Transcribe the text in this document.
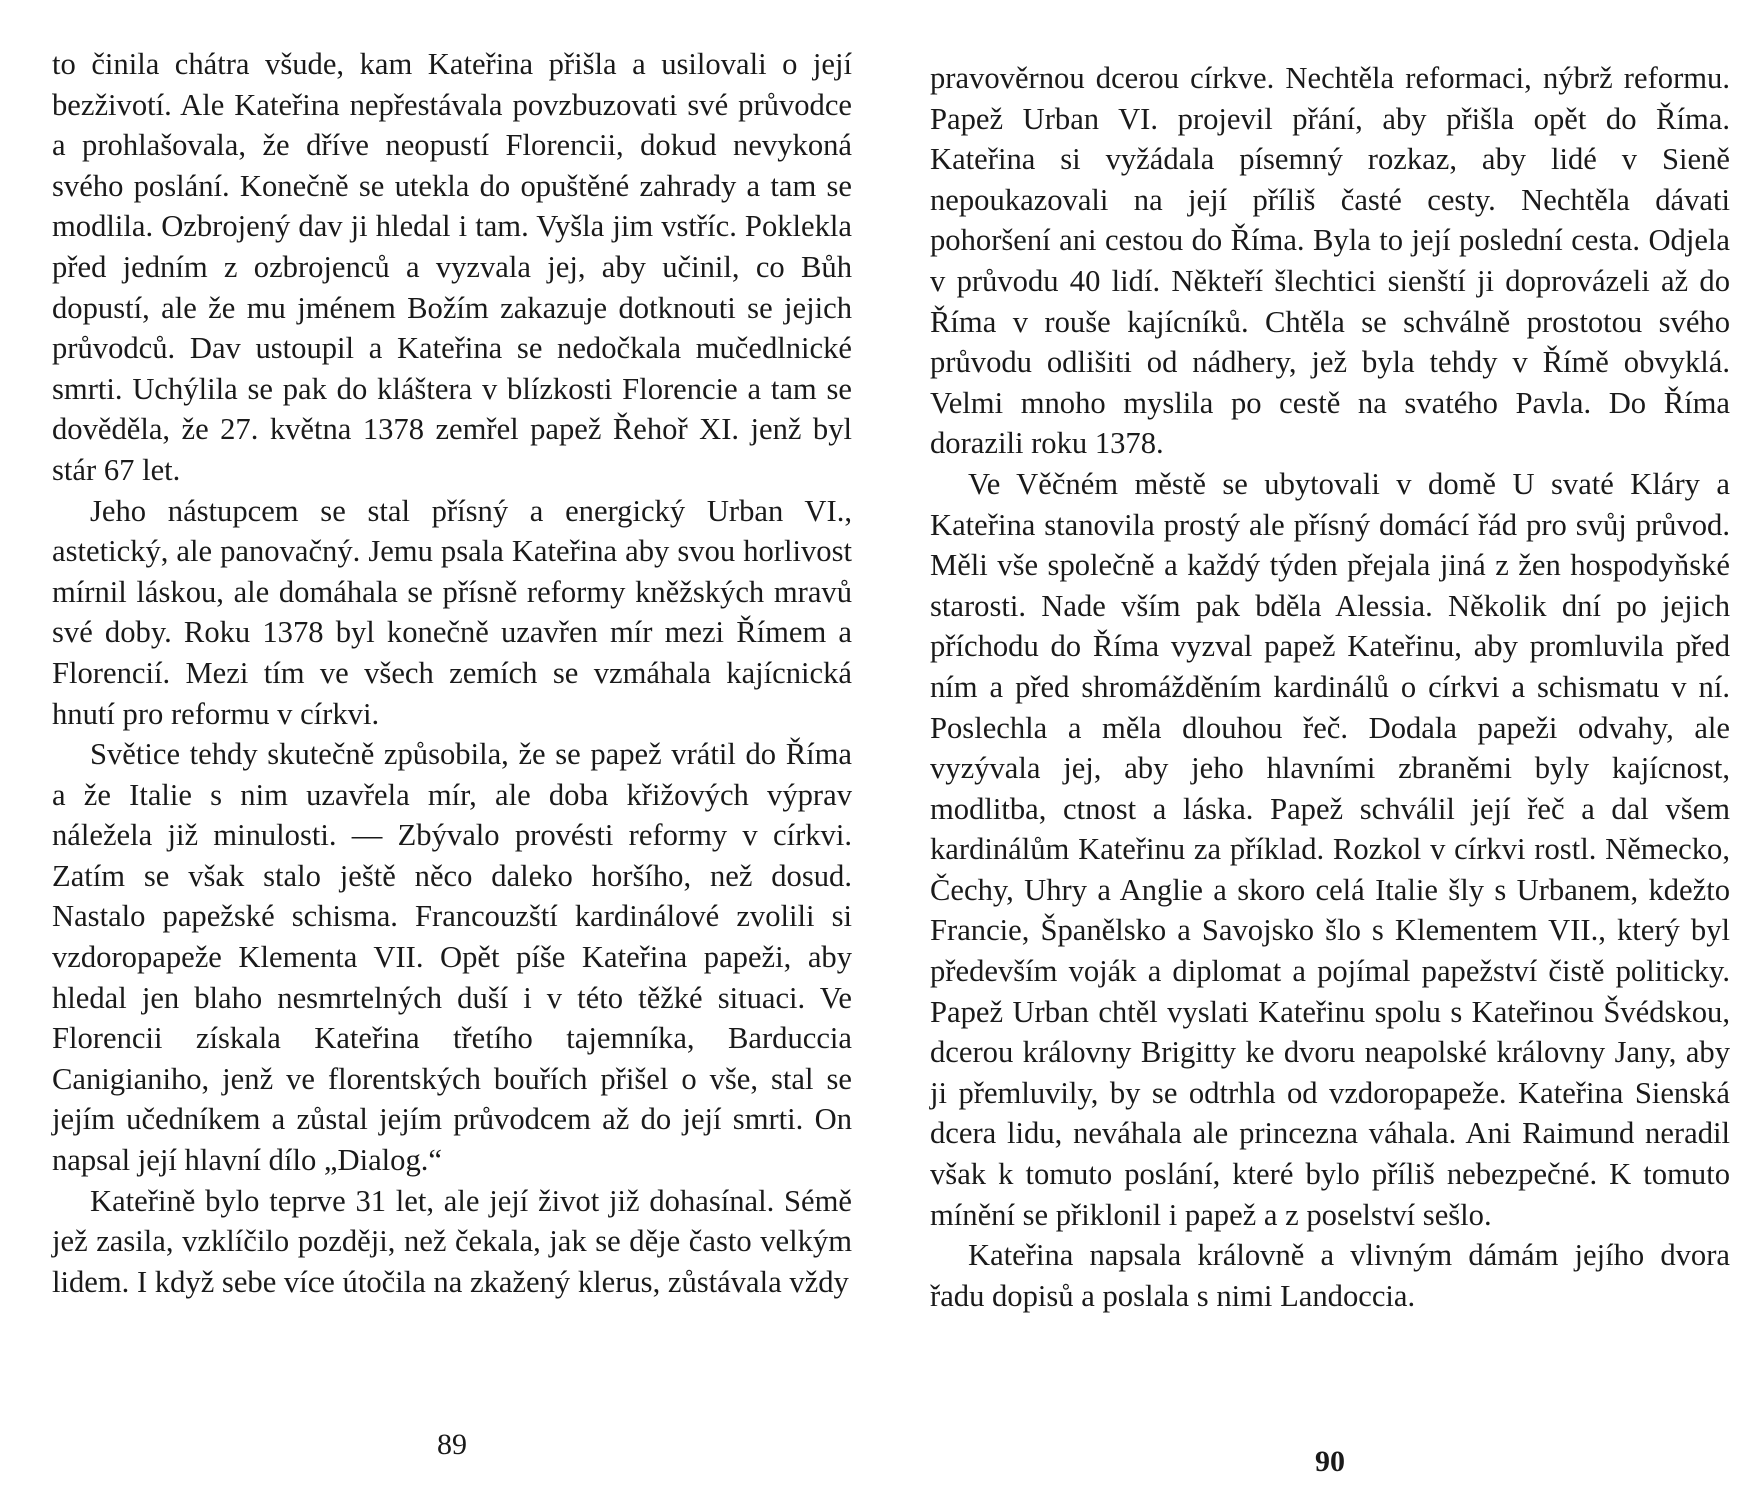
to činila chátra všude, kam Kateřina přišla a usilovali o její bezživotí. Ale Kateřina nepřestávala povzbuzovati své průvodce a prohlašovala, že dříve neopustí Florencii, dokud nevykoná svého poslání. Konečně se utekla do opuštěné zahrady a tam se modlila. Ozbrojený dav ji hledal i tam. Vyšla jim vstříc. Poklekla před jedním z ozbrojenců a vyzvala jej, aby učinil, co Bůh dopustí, ale že mu jménem Božím zakazuje dotknouti se jejich průvodců. Dav ustoupil a Kateřina se nedočkala mučedlnické smrti. Uchýlila se pak do kláštera v blízkosti Florencie a tam se dověděla, že 27. května 1378 zemřel papež Řehoř XI. jenž byl stár 67 let.

Jeho nástupcem se stal přísný a energický Urban VI., astetický, ale panovačný. Jemu psala Kateřina aby svou horlivost mírnil láskou, ale domáhala se přísně reformy kněžských mravů své doby. Roku 1378 byl konečně uzavřen mír mezi Římem a Florencií. Mezi tím ve všech zemích se vzmáhala kajícnická hnutí pro reformu v církvi.

Světice tehdy skutečně způsobila, že se papež vrátil do Říma a že Italie s nim uzavřela mír, ale doba křižových výprav náležela již minulosti. — Zbývalo provésti reformy v církvi. Zatím se však stalo ještě něco daleko horšího, než dosud. Nastalo papežské schisma. Francouzští kardinálové zvolili si vzdoropapeže Klementa VII. Opět píše Kateřina papeži, aby hledal jen blaho nesmrtelných duší i v této těžké situaci. Ve Florencii získala Kateřina třetího tajemníka, Barduccia Canigianiho, jenž ve florentských bouřích přišel o vše, stal se jejím učedníkem a zůstal jejím průvodcem až do její smrti. On napsal její hlavní dílo „Dialog.“

Kateřině bylo teprve 31 let, ale její život již dohasínal. Sémě jež zasila, vzklíčilo později, než čekala, jak se děje často velkým lidem. I když sebe více útočila na zkažený klerus, zůstávala vždy

89

pravověrnou dcerou církve. Nechtěla reformaci, nýbrž reformu. Papež Urban VI. projevil přání, aby přišla opět do Říma. Kateřina si vyžádala písemný rozkaz, aby lidé v Sieně nepoukazovali na její příliš časté cesty. Nechtěla dávati pohoršení ani cestou do Říma. Byla to její poslední cesta. Odjela v průvodu 40 lidí. Někteří šlechtici sienští ji doprovázeli až do Říma v rouše kajícníků. Chtěla se schválně prostotou svého průvodu odlišiti od nádhery, jež byla tehdy v Římě obvyklá. Velmi mnoho myslila po cestě na svatého Pavla. Do Říma dorazili roku 1378.

Ve Věčném městě se ubytovali v domě U svaté Kláry a Kateřina stanovila prostý ale přísný domácí řád pro svůj průvod. Měli vše společně a každý týden přejala jiná z žen hospodyňské starosti. Nade vším pak bděla Alessia. Několik dní po jejich příchodu do Říma vyzval papež Kateřinu, aby promluvila před ním a před shromážděním kardinálů o církvi a schismatu v ní. Poslechla a měla dlouhou řeč. Dodala papeži odvahy, ale vyzývala jej, aby jeho hlavními zbraněmi byly kajícnost, modlitba, ctnost a láska. Papež schválil její řeč a dal všem kardinálům Kateřinu za příklad. Rozkol v církvi rostl. Německo, Čechy, Uhry a Anglie a skoro celá Italie šly s Urbanem, kdežto Francie, Španělsko a Savojsko šlo s Klementem VII., který byl především voják a diplomat a pojímal papežství čistě politicky. Papež Urban chtěl vyslati Kateřinu spolu s Kateřinou Švédskou, dcerou královny Brigitty ke dvoru neapolské královny Jany, aby ji přemluvily, by se odtrhla od vzdoropapeže. Kateřina Sienská dcera lidu, neváhala ale princezna váhala. Ani Raimund neradil však k tomuto poslání, které bylo příliš nebezpečné. K tomuto mínění se přiklonil i papež a z poselství sešlo.

Kateřina napsala královně a vlivným dámám jejího dvora řadu dopisů a poslala s nimi Landoccia.

90
